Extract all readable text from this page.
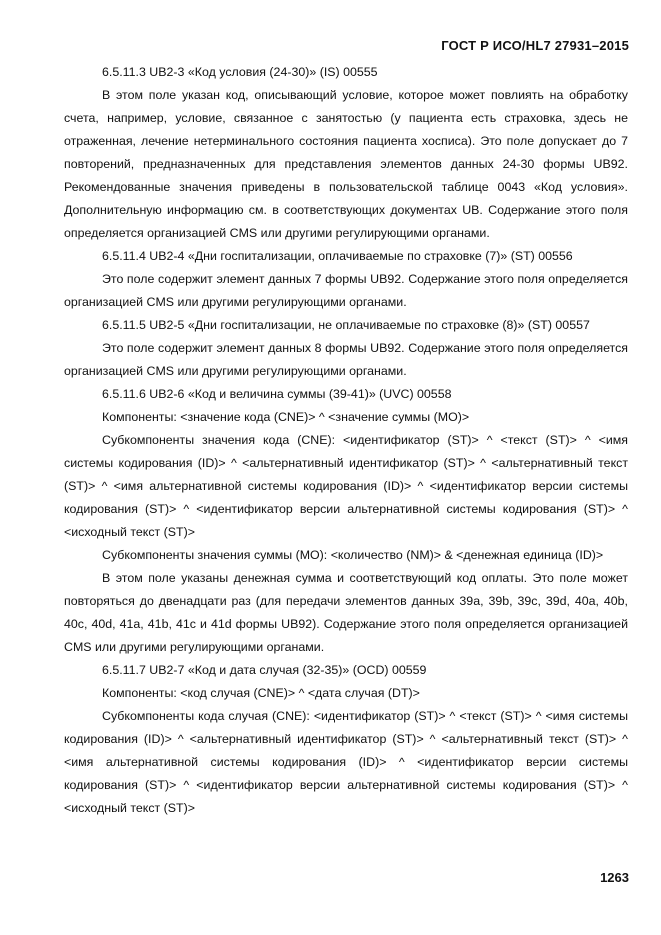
ГОСТ Р ИСО/HL7 27931–2015

6.5.11.3 UB2-3 «Код условия (24-30)» (IS) 00555

В этом поле указан код, описывающий условие, которое может повлиять на обработку счета, например, условие, связанное с занятостью (у пациента есть страховка, здесь не отраженная, лечение нетерминального состояния пациента хосписа). Это поле допускает до 7 повторений, предназначенных для представления элементов данных 24-30 формы UB92. Рекомендованные значения приведены в пользовательской таблице 0043 «Код условия». Дополнительную информацию см. в соответствующих документах UB. Содержание этого поля определяется организацией CMS или другими регулирующими органами.

6.5.11.4 UB2-4 «Дни госпитализации, оплачиваемые по страховке (7)» (ST) 00556

Это поле содержит элемент данных 7 формы UB92. Содержание этого поля определяется организацией CMS или другими регулирующими органами.

6.5.11.5 UB2-5 «Дни госпитализации, не оплачиваемые по страховке (8)» (ST) 00557

Это поле содержит элемент данных 8 формы UB92. Содержание этого поля определяется организацией CMS или другими регулирующими органами.

6.5.11.6 UB2-6 «Код и величина суммы (39-41)» (UVC) 00558

Компоненты: <значение кода (CNE)> ^ <значение суммы (MO)>

Субкомпоненты значения кода (CNE): <идентификатор (ST)> ^ <текст (ST)> ^ <имя системы кодирования (ID)> ^ <альтернативный идентификатор (ST)> ^ <альтернативный текст (ST)> ^ <имя альтернативной системы кодирования (ID)> ^ <идентификатор версии системы кодирования (ST)> ^ <идентификатор версии альтернативной системы кодирования (ST)> ^ <исходный текст (ST)>

Субкомпоненты значения суммы (MO): <количество (NM)> & <денежная единица (ID)>

В этом поле указаны денежная сумма и соответствующий код оплаты. Это поле может повторяться до двенадцати раз (для передачи элементов данных 39a, 39b, 39c, 39d, 40a, 40b, 40c, 40d, 41a, 41b, 41c и 41d формы UB92). Содержание этого поля определяется организацией CMS или другими регулирующими органами.

6.5.11.7 UB2-7 «Код и дата случая (32-35)» (OCD) 00559

Компоненты: <код случая (CNE)> ^ <дата случая (DT)>

Субкомпоненты кода случая (CNE): <идентификатор (ST)> ^ <текст (ST)> ^ <имя системы кодирования (ID)> ^ <альтернативный идентификатор (ST)> ^ <альтернативный текст (ST)> ^ <имя альтернативной системы кодирования (ID)> ^ <идентификатор версии системы кодирования (ST)> ^ <идентификатор версии альтернативной системы кодирования (ST)> ^ <исходный текст (ST)>

1263
